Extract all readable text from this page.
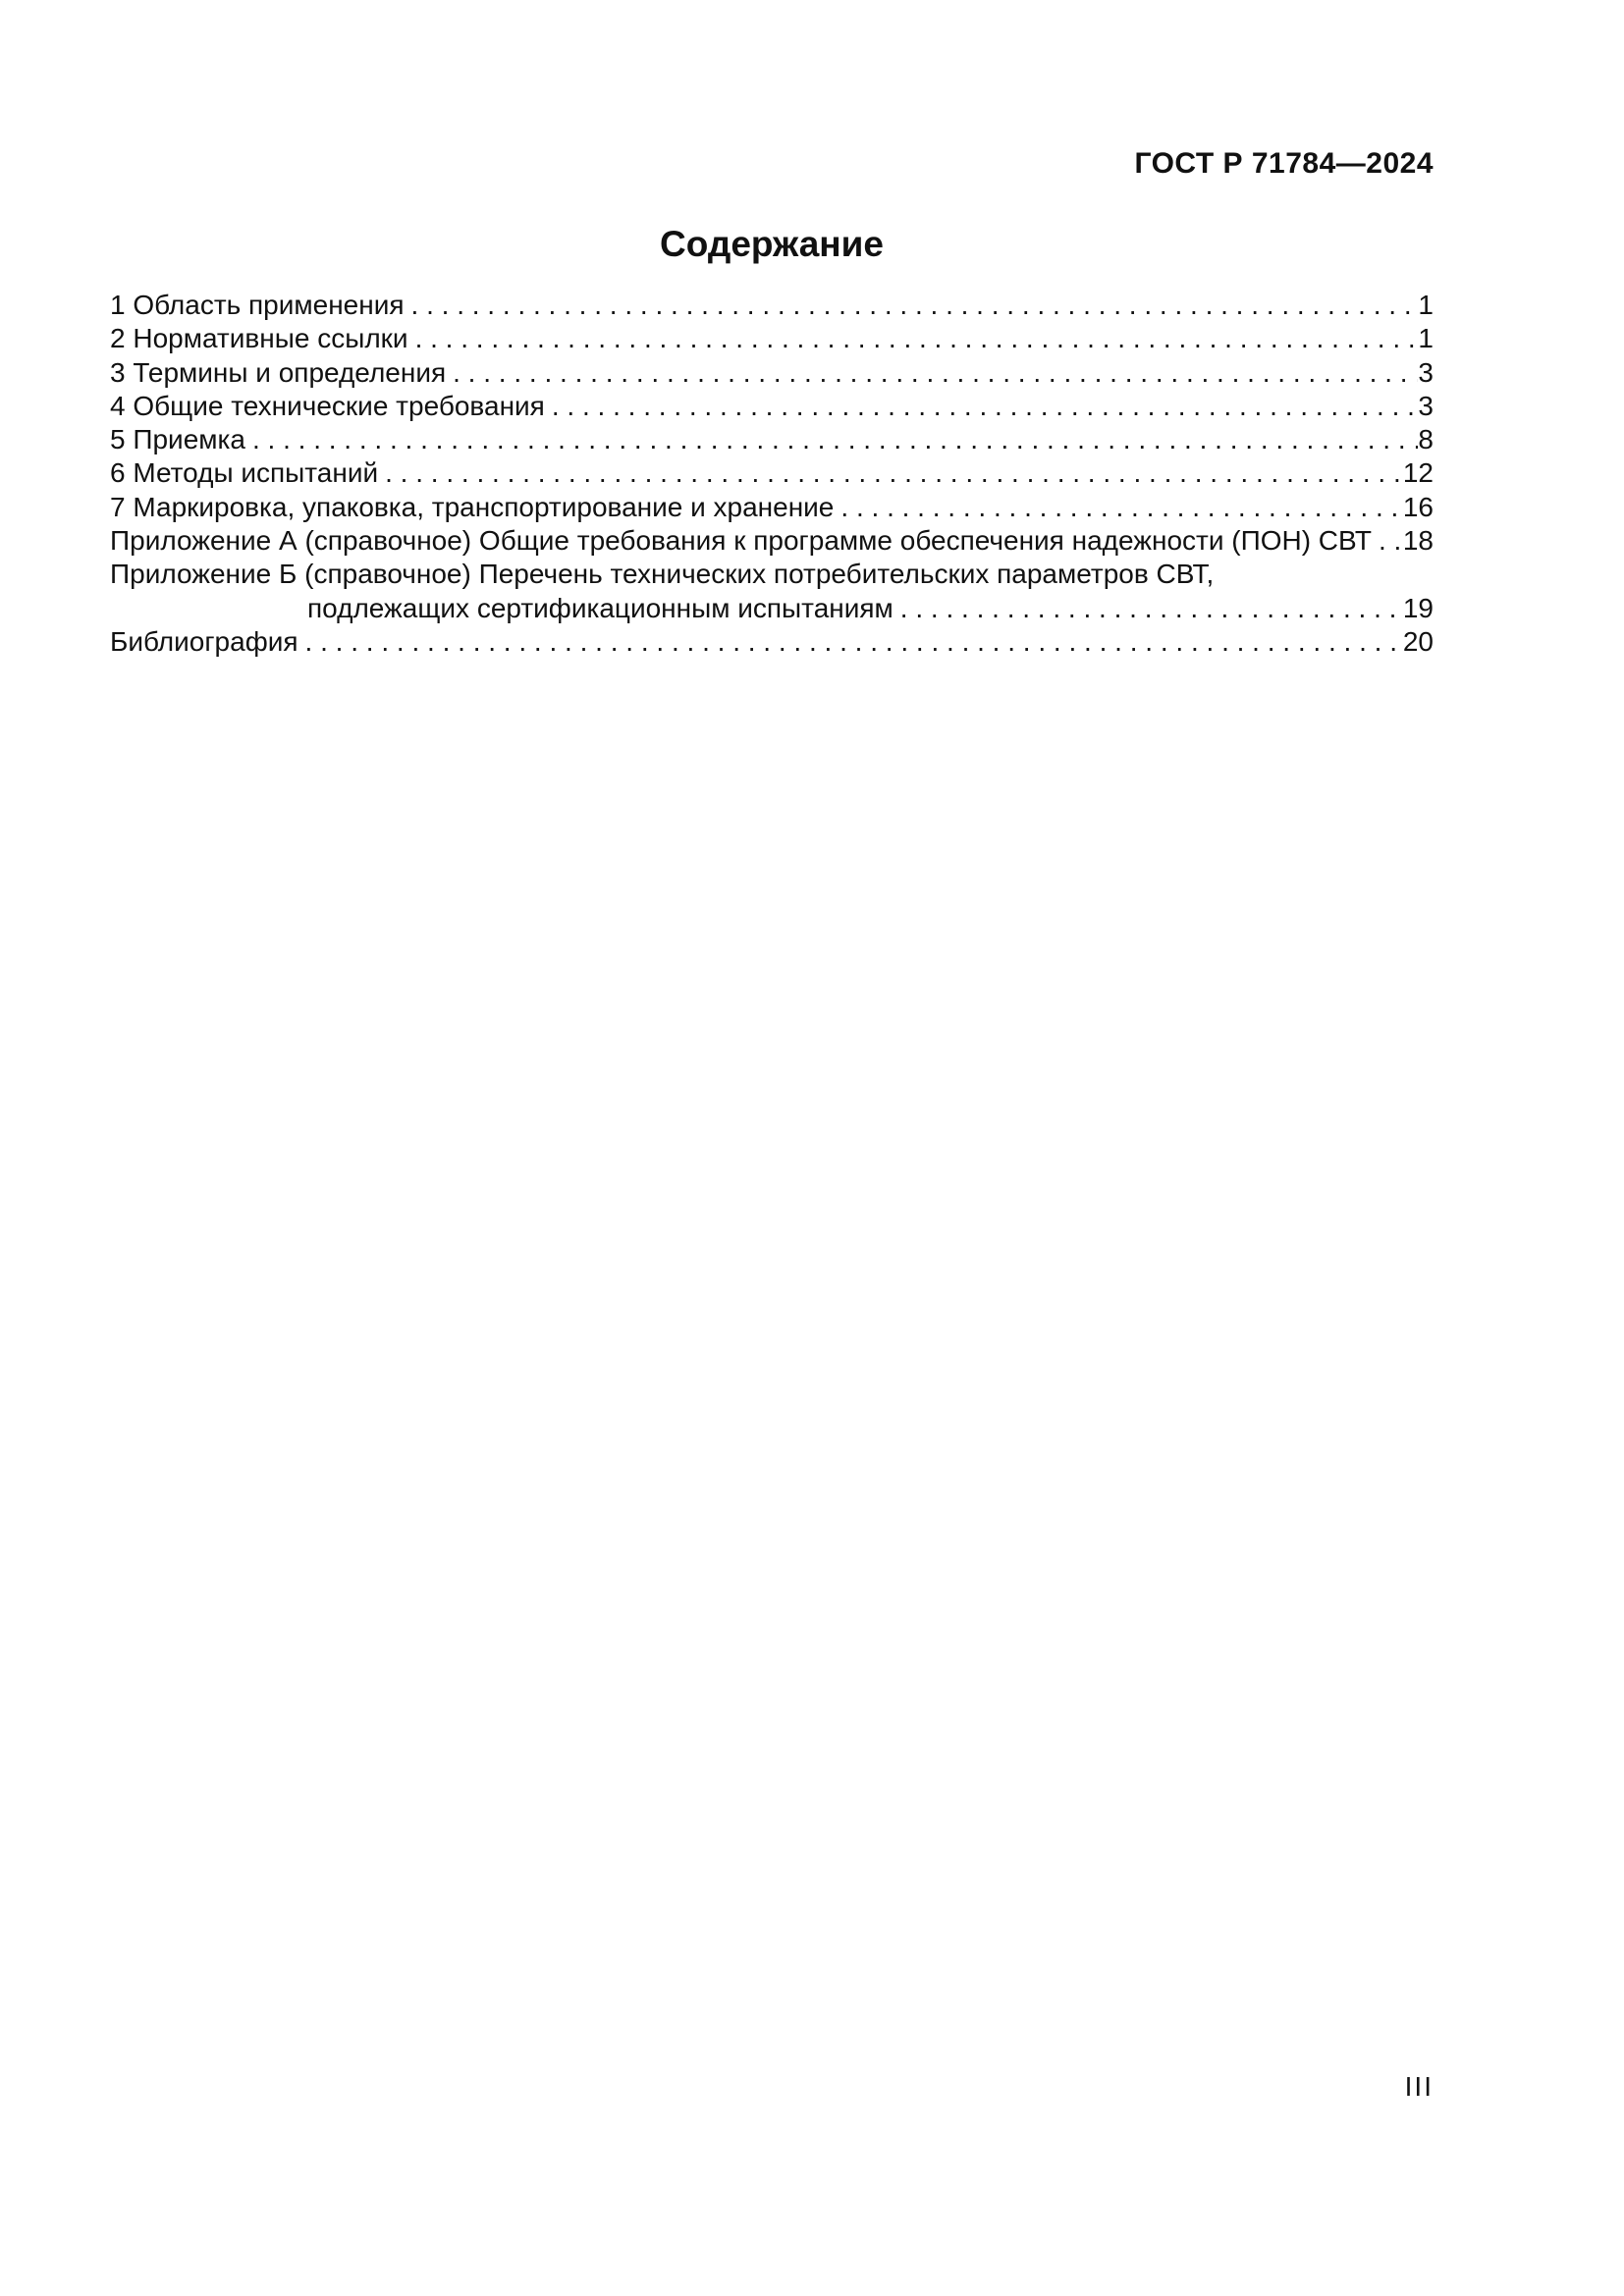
ГОСТ Р 71784—2024
Содержание
1 Область применения . . .	1
2 Нормативные ссылки . . .	1
3 Термины и определения . . .	3
4 Общие технические требования . . .	3
5 Приемка . . .	8
6 Методы испытаний . . .	12
7 Маркировка, упаковка, транспортирование и хранение . . .	16
Приложение А (справочное) Общие требования к программе обеспечения надежности (ПОН) СВТ . . . 18
Приложение Б (справочное) Перечень технических потребительских параметров СВТ,
подлежащих сертификационным испытаниям . . .	19
Библиография . . .	20
III
